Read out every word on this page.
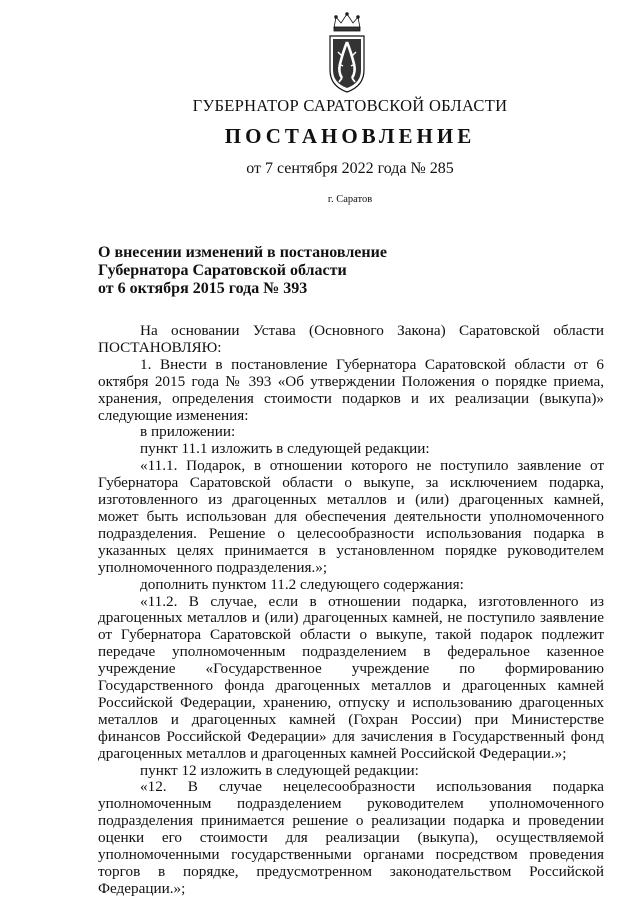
ГУБЕРНАТОР САРАТОВСКОЙ ОБЛАСТИ
ПОСТАНОВЛЕНИЕ
от 7 сентября 2022 года № 285
г. Саратов
О внесении изменений в постановление
Губернатора Саратовской области
от 6 октября 2015 года № 393

На основании Устава (Основного Закона) Саратовской области

ПОСТАНОВЛЯЮ:

1. Внести в постановление Губернатора Саратовской области от 6 октября 2015 года № 393 «Об утверждении Положения о порядке приема, хранения, определения стоимости подарков и их реализации (выкупа)» следующие изменения:

в приложении:

пункт 11.1 изложить в следующей редакции:

«11.1. Подарок, в отношении которого не поступило заявление от Губернатора Саратовской области о выкупе, за исключением подарка, изготовленного из драгоценных металлов и (или) драгоценных камней, может быть использован для обеспечения деятельности уполномоченного подразделения. Решение о целесообразности использования подарка в указанных целях принимается в установленном порядке руководителем уполномоченного подразделения.»;

дополнить пунктом 11.2 следующего содержания:

«11.2. В случае, если в отношении подарка, изготовленного из драгоценных металлов и (или) драгоценных камней, не поступило заявление от Губернатора Саратовской области о выкупе, такой подарок подлежит передаче уполномоченным подразделением в федеральное казенное учреждение «Государственное учреждение по формированию Государственного фонда драгоценных металлов и драгоценных камней Российской Федерации, хранению, отпуску и использованию драгоценных металлов и драгоценных камней (Гохран России) при Министерстве финансов Российской Федерации» для зачисления в Государственный фонд драгоценных металлов и драгоценных камней Российской Федерации.»;

пункт 12 изложить в следующей редакции:

«12. В случае нецелесообразности использования подарка уполномоченным подразделением руководителем уполномоченного подразделения принимается решение о реализации подарка и проведении оценки его стоимости для реализации (выкупа), осуществляемой уполномоченными государственными органами посредством проведения торгов в порядке, предусмотренном законодательством Российской Федерации.»;
